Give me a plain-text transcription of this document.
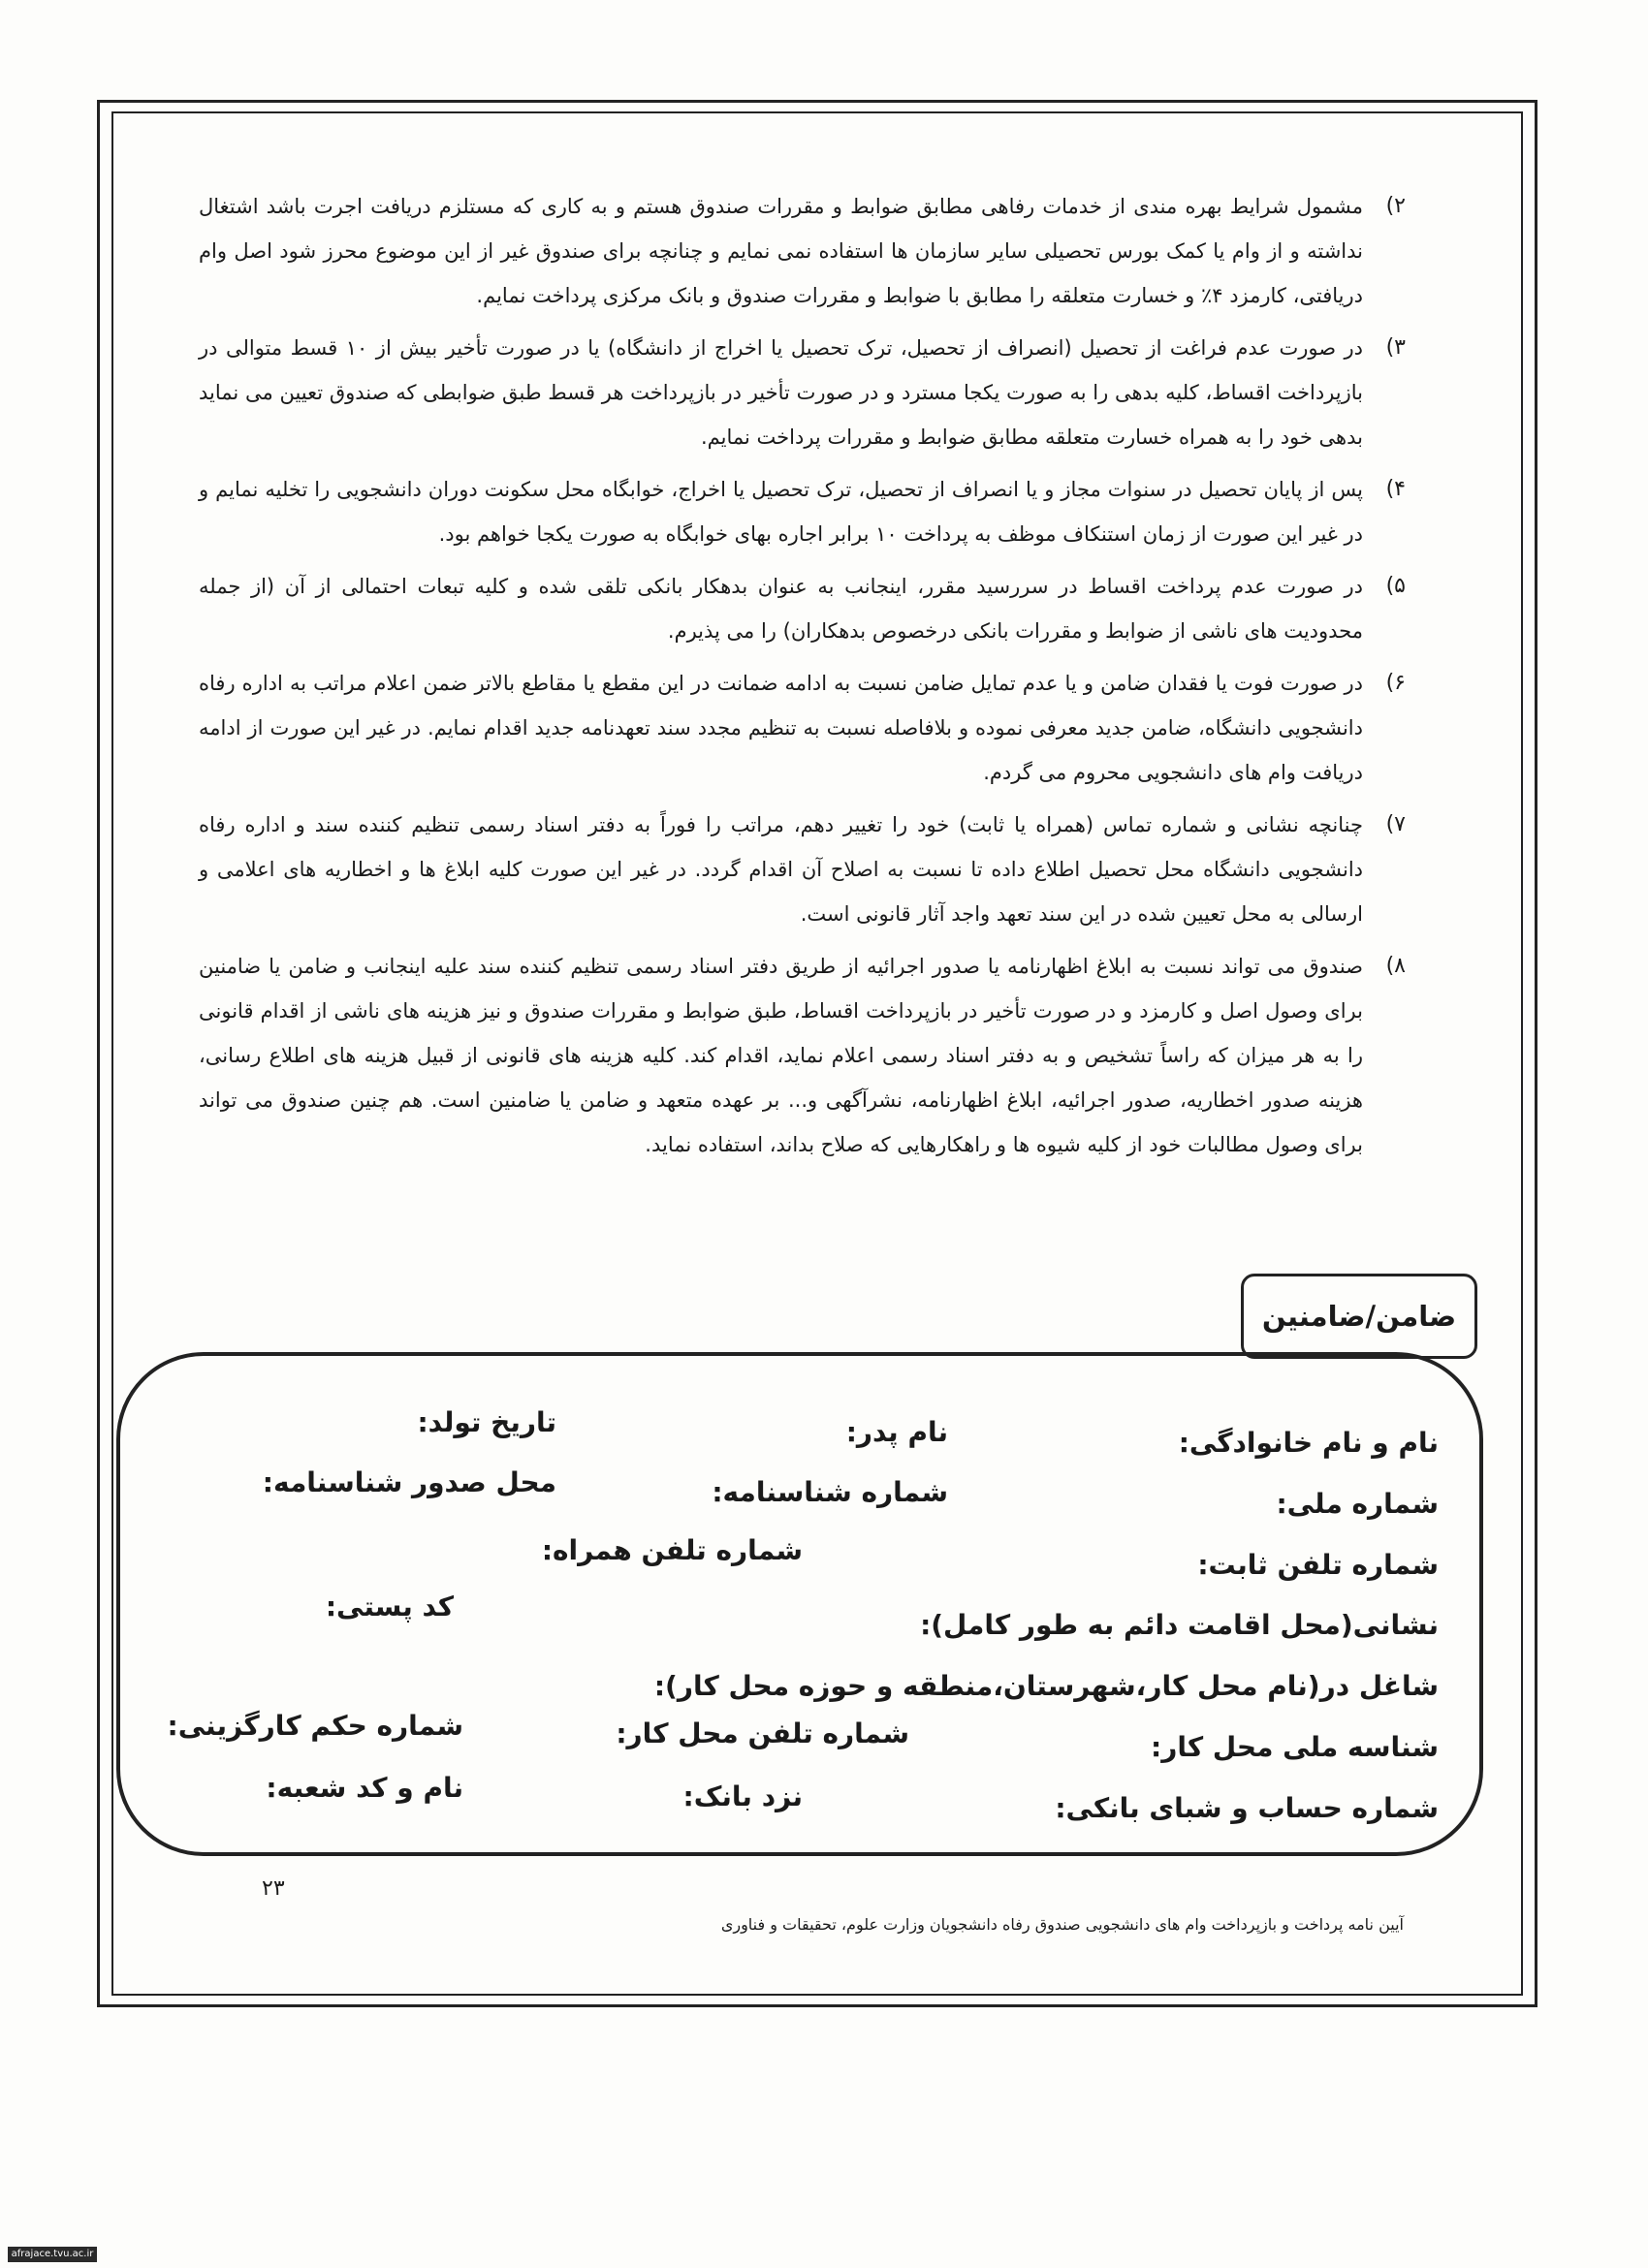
۲)
مشمول شرایط بهره مندی از خدمات رفاهی مطابق ضوابط و مقررات صندوق هستم و به کاری که مستلزم دریافت اجرت باشد اشتغال نداشته و از وام یا کمک بورس تحصیلی سایر سازمان ها استفاده نمی نمایم و چنانچه برای صندوق غیر از این موضوع محرز شود اصل وام دریافتی، کارمزد ۴٪ و خسارت متعلقه را مطابق با ضوابط و مقررات صندوق و بانک مرکزی پرداخت نمایم.
۳)
در صورت عدم فراغت از تحصیل (انصراف از تحصیل، ترک تحصیل یا اخراج از دانشگاه) یا در صورت تأخیر بیش از ۱۰ قسط متوالی در بازپرداخت اقساط، کلیه بدهی را به صورت یکجا مسترد و در صورت تأخیر در بازپرداخت هر قسط طبق ضوابطی که صندوق تعیین می نماید بدهی خود را به همراه خسارت متعلقه مطابق ضوابط و مقررات پرداخت نمایم.
۴)
پس از پایان تحصیل در سنوات مجاز و یا انصراف از تحصیل، ترک تحصیل یا اخراج، خوابگاه محل سکونت دوران دانشجویی را تخلیه نمایم و در غیر این صورت از زمان استنکاف موظف به پرداخت ۱۰ برابر اجاره بهای خوابگاه به صورت یکجا خواهم بود.
۵)
در صورت عدم پرداخت اقساط در سررسید مقرر، اینجانب به عنوان بدهکار بانکی تلقی شده و کلیه تبعات احتمالی از آن (از جمله محدودیت های ناشی از ضوابط و مقررات بانکی درخصوص بدهکاران) را می پذیرم.
۶)
در صورت فوت یا فقدان ضامن و یا عدم تمایل ضامن نسبت به ادامه ضمانت در این مقطع یا مقاطع بالاتر ضمن اعلام مراتب به اداره رفاه دانشجویی دانشگاه، ضامن جدید معرفی نموده و بلافاصله نسبت به تنظیم مجدد سند تعهدنامه جدید اقدام نمایم. در غیر این صورت از ادامه دریافت وام های دانشجویی محروم می گردم.
۷)
چنانچه نشانی و شماره تماس (همراه یا ثابت) خود را تغییر دهم، مراتب را فوراً به دفتر اسناد رسمی تنظیم کننده سند و اداره رفاه دانشجویی دانشگاه محل تحصیل اطلاع داده تا نسبت به اصلاح آن اقدام گردد. در غیر این صورت کلیه ابلاغ ها و اخطاریه های اعلامی و ارسالی به محل تعیین شده در این سند تعهد واجد آثار قانونی است.
۸)
صندوق می تواند نسبت به ابلاغ اظهارنامه یا صدور اجرائیه از طریق دفتر اسناد رسمی تنظیم کننده سند علیه اینجانب و ضامن یا ضامنین برای وصول اصل و کارمزد و در صورت تأخیر در بازپرداخت اقساط، طبق ضوابط و مقررات صندوق و نیز هزینه های ناشی از اقدام قانونی را به هر میزان که راساً تشخیص و به دفتر اسناد رسمی اعلام نماید، اقدام کند. کلیه هزینه های قانونی از قبیل هزینه های اطلاع رسانی، هزینه صدور اخطاریه، صدور اجرائیه، ابلاغ اظهارنامه، نشرآگهی و... بر عهده متعهد و ضامن یا ضامنین است. هم چنین صندوق می تواند برای وصول مطالبات خود از کلیه شیوه ها و راهکارهایی که صلاح بداند، استفاده نماید.
ضامن/ضامنین
نام و نام خانوادگی:
نام پدر:
تاریخ تولد:
شماره ملی:
شماره شناسنامه:
محل صدور شناسنامه:
شماره تلفن ثابت:
شماره تلفن همراه:
نشانی(محل اقامت دائم به طور کامل):
کد پستی:
شاغل در(نام محل کار،شهرستان،منطقه و حوزه محل کار):
شناسه ملی محل کار:
شماره تلفن محل کار:
شماره حکم کارگزینی:
شماره حساب و شبای بانکی:
نزد بانک:
نام و کد شعبه:
۲۳
آیین نامه پرداخت و بازپرداخت وام های دانشجویی صندوق رفاه دانشجویان وزارت علوم، تحقیقات و فناوری
afrajace.tvu.ac.ir
